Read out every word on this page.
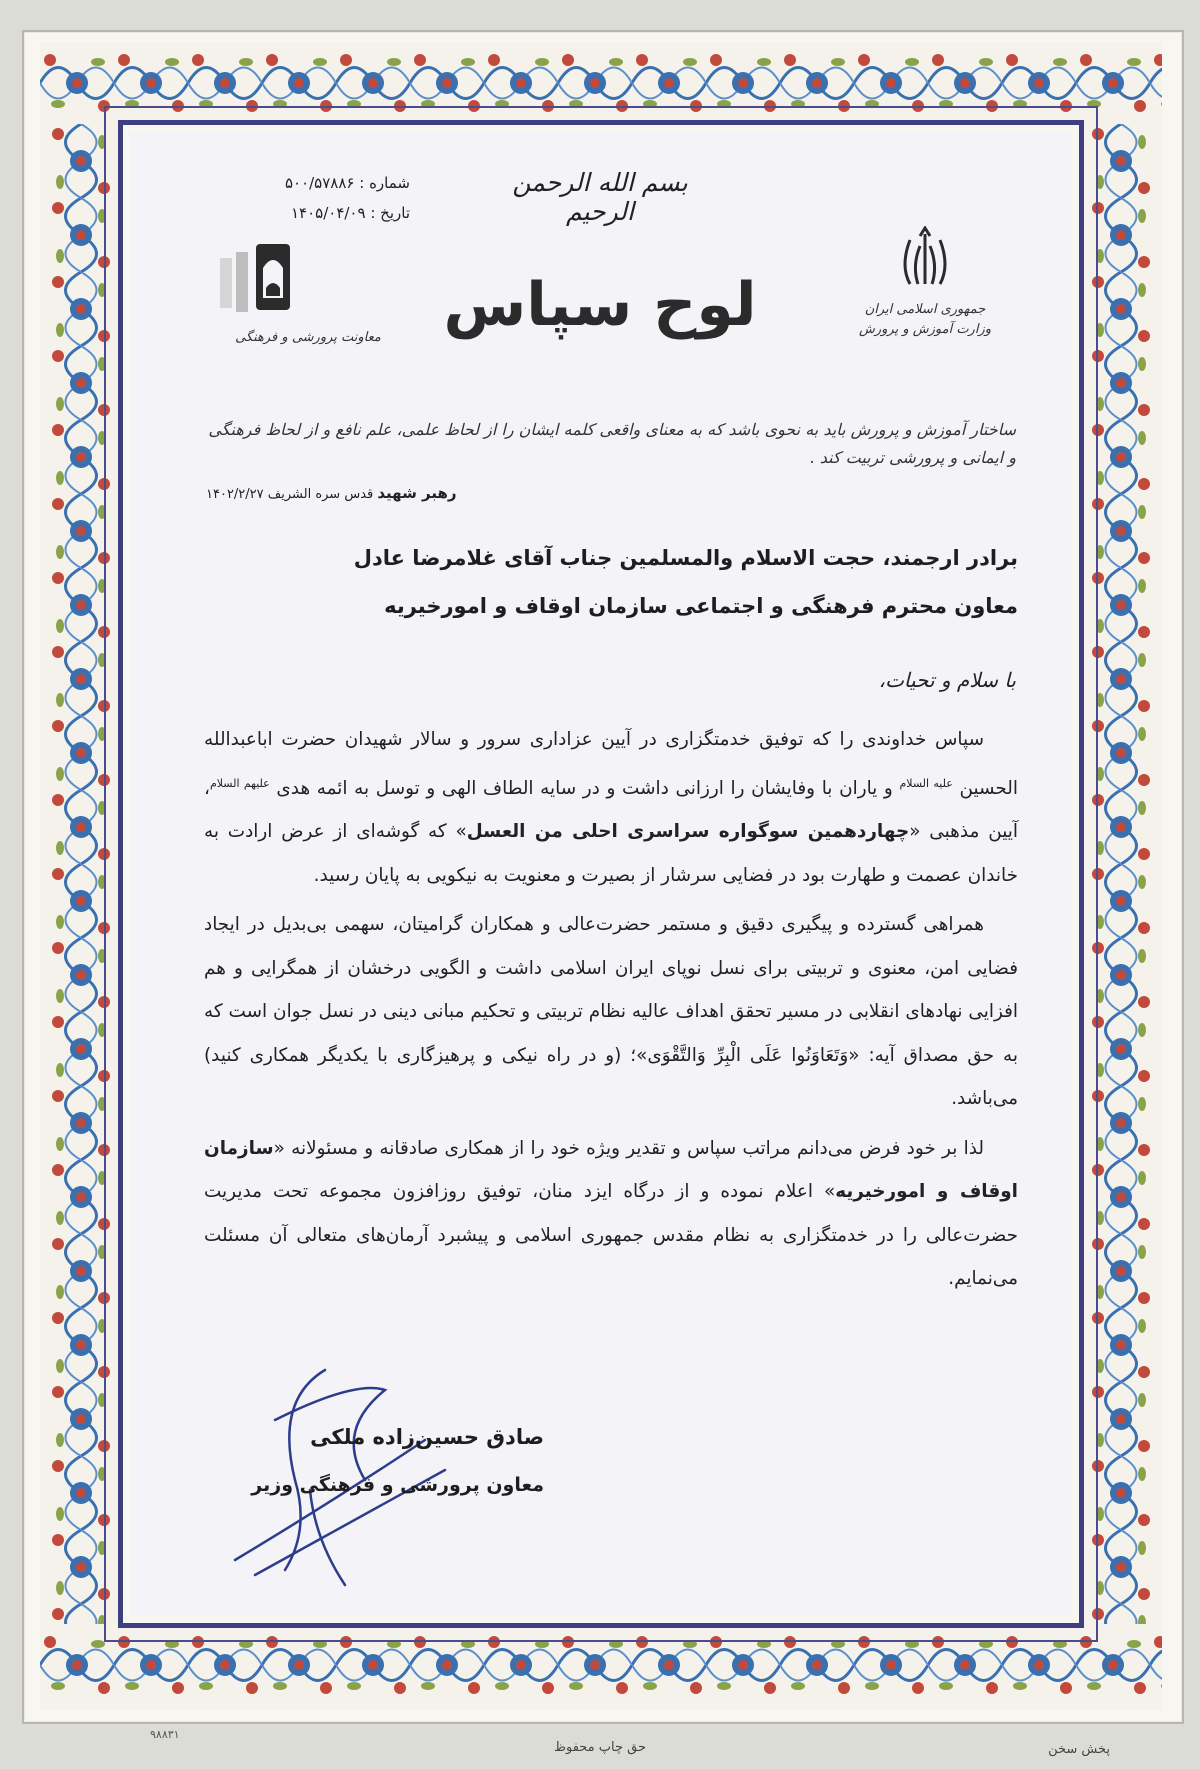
شماره : ۵۰۰/۵۷۸۸۶
تاریخ : ۱۴۰۵/۰۴/۰۹
بسم الله الرحمن الرحیم
لوح سپاس	جمهوری اسلامی ایران
وزارت آموزش و پرورش
معاونت پرورشی و فرهنگی
ساختار آموزش و پرورش باید به نحوی باشد که به معنای واقعی کلمه ایشان را از لحاظ علمی، علم نافع و از لحاظ فرهنگی و ایمانی و پرورشی تربیت کند .
رهبر شهید قدس سره الشریف ۱۴۰۲/۲/۲۷
برادر ارجمند، حجت الاسلام والمسلمین جناب آقای غلامرضا عادل
معاون محترم فرهنگی و اجتماعی سازمان اوقاف و امورخیریه
با سلام و تحیات،

سپاس خداوندی را که توفیق خدمتگزاری در آیین عزاداری سرور و سالار شهیدان حضرت اباعبدالله الحسین $^{علیه السلام}$ و یاران با وفایشان را ارزانی داشت و در سایه الطاف الهی و توسل به ائمه هدی $^{علیهم السلام}$، آیین مذهبی «چهاردهمین سوگواره سراسری احلی من العسل» که گوشه‌ای از عرض ارادت به خاندان عصمت و طهارت بود در فضایی سرشار از بصیرت و معنویت به نیکویی به پایان رسید.

همراهی گسترده و پیگیری دقیق و مستمر حضرت‌عالی و همکاران گرامیتان، سهمی بی‌بدیل در ایجاد فضایی امن، معنوی و تربیتی برای نسل نوپای ایران اسلامی داشت و الگویی درخشان از همگرایی و هم افزایی نهادهای انقلابی در مسیر تحقق اهداف عالیه نظام تربیتی و تحکیم مبانی دینی در نسل جوان است که به حق مصداق آیه: «وَتَعَاوَنُوا عَلَى الْبِرِّ وَالتَّقْوَى»؛ (و در راه نیکی و پرهیزگاری با یکدیگر همکاری کنید) می‌باشد.

لذا بر خود فرض می‌دانم مراتب سپاس و تقدیر ویژه خود را از همکاری صادقانه و مسئولانه «سازمان اوقاف و امورخیریه» اعلام نموده و از درگاه ایزد منان، توفیق روزافزون مجموعه تحت مدیریت حضرت‌عالی را در خدمتگزاری به نظام مقدس جمهوری اسلامی و پیشبرد آرمان‌های متعالی آن مسئلت می‌نمایم.

صادق حسین‌زاده ملکی
معاون پرورشی و فرهنگی وزیر
۹۸۸۳۱
حق چاپ محفوظ	پخش سخن
